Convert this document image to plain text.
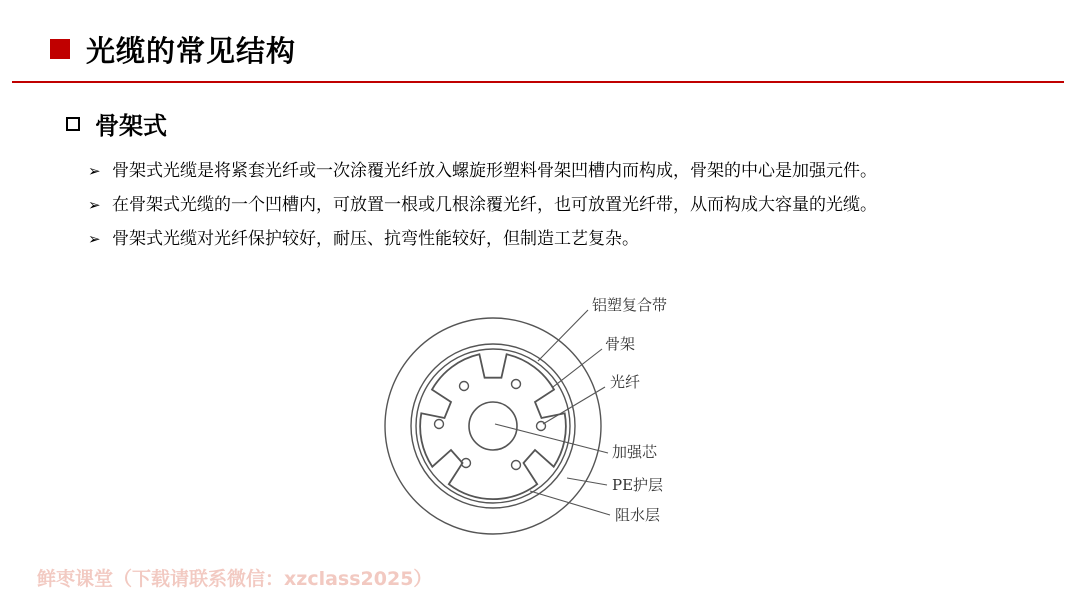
光缆的常见结构
骨架式
➢ 骨架式光缆是将紧套光纤或一次涂覆光纤放入螺旋形塑料骨架凹槽内而构成，骨架的中心是加强元件。
➢ 在骨架式光缆的一个凹槽内，可放置一根或几根涂覆光纤，也可放置光纤带，从而构成大容量的光缆。
➢ 骨架式光缆对光纤保护较好，耐压、抗弯性能较好，但制造工艺复杂。
铝塑复合带
骨架
光纤
加强芯
PE护层
阻水层
鲜枣课堂（下载请联系微信：xzclass2025）
